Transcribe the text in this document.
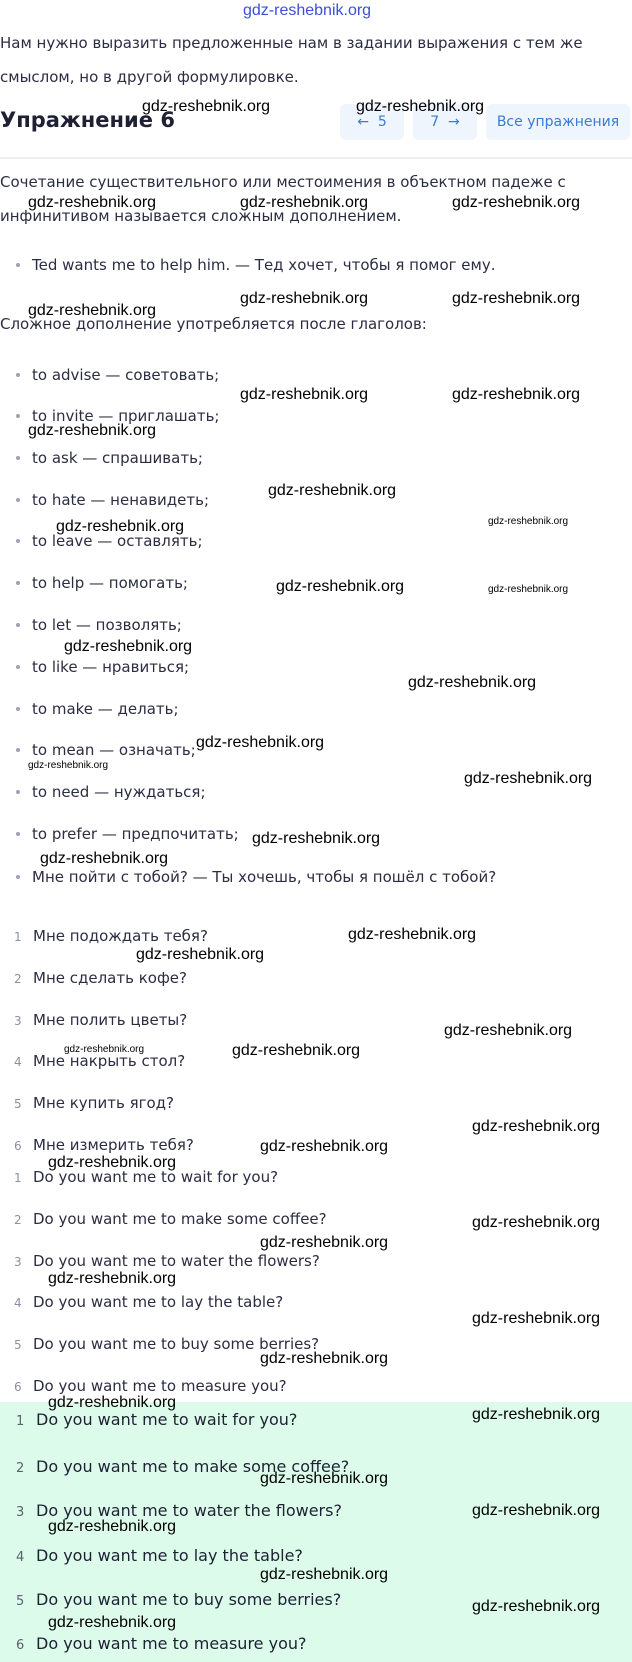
gdz-reshebnik.org
Нам нужно выразить предложенные нам в задании выражения с тем же смыслом, но в другой формулировке.
Упражнение 6	← 5	7 →	Все упражнения
Сочетание существительного или местоимения в объектном падеже с инфинитивом называется сложным дополнением.
Ted wants me to help him. — Тед хочет, чтобы я помог ему.
Сложное дополнение употребляется после глаголов:
to advise — советовать;
to invite — приглашать;
to ask — спрашивать;
to hate — ненавидеть;
to leave — оставлять;
to help — помогать;
to let — позволять;
to like — нравиться;
to make — делать;
to mean — означать;
to need — нуждаться;
to prefer — предпочитать;
Мне пойти с тобой? — Ты хочешь, чтобы я пошёл с тобой?
1 Мне подождать тебя?
2 Мне сделать кофе?
3 Мне полить цветы?
4 Мне накрыть стол?
5 Мне купить ягод?
6 Мне измерить тебя?
1 Do you want me to wait for you?
2 Do you want me to make some coffee?
3 Do you want me to water the flowers?
4 Do you want me to lay the table?
5 Do you want me to buy some berries?
6 Do you want me to measure you?
1 Do you want me to wait for you?
2 Do you want me to make some coffee?
3 Do you want me to water the flowers?
4 Do you want me to lay the table?
5 Do you want me to buy some berries?
6 Do you want me to measure you?
gdz-reshebnik.org	gdz-reshebnik.org
gdz-reshebnik.org	gdz-reshebnik.org	gdz-reshebnik.org
gdz-reshebnik.org	gdz-reshebnik.org
gdz-reshebnik.org
gdz-reshebnik.org	gdz-reshebnik.org
gdz-reshebnik.org
gdz-reshebnik.org
gdz-reshebnik.org	gdz-reshebnik.org
gdz-reshebnik.org	gdz-reshebnik.org
gdz-reshebnik.org
gdz-reshebnik.org
gdz-reshebnik.org
gdz-reshebnik.org
gdz-reshebnik.org
gdz-reshebnik.org
gdz-reshebnik.org
gdz-reshebnik.org
gdz-reshebnik.org
gdz-reshebnik.org
gdz-reshebnik.org	gdz-reshebnik.org
gdz-reshebnik.org
gdz-reshebnik.org
gdz-reshebnik.org
gdz-reshebnik.org
gdz-reshebnik.org
gdz-reshebnik.org
gdz-reshebnik.org
gdz-reshebnik.org
gdz-reshebnik.org
gdz-reshebnik.org
gdz-reshebnik.org
gdz-reshebnik.org
gdz-reshebnik.org
gdz-reshebnik.org
gdz-reshebnik.org
gdz-reshebnik.org
